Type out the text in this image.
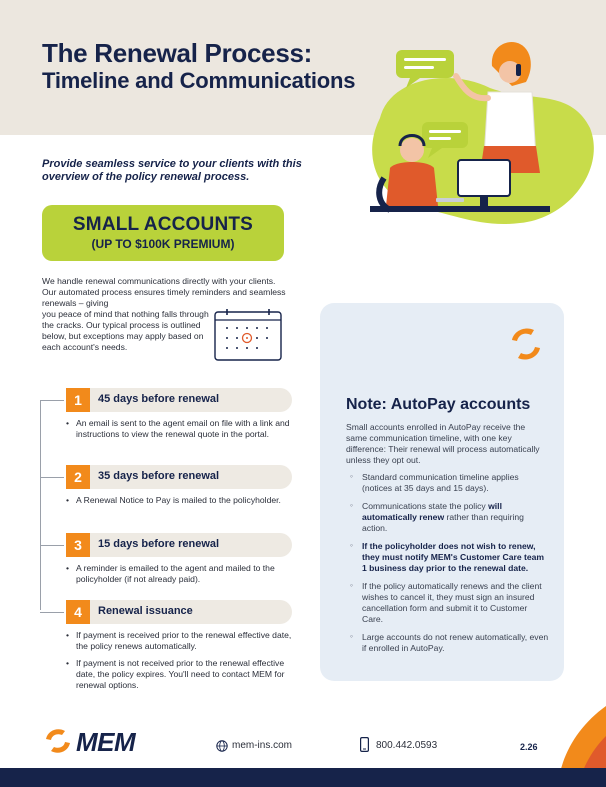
The Renewal Process:
Timeline and Communications

Provide seamless service to your clients with this overview of the policy renewal process.

SMALL ACCOUNTS
(UP TO $100K PREMIUM)
We handle renewal communications directly with your clients. Our automated process ensures timely reminders and seamless renewals – giving
you peace of mind that nothing falls through the cracks. Our typical process is outlined below, but exceptions may apply based on each account's needs.
1	45 days before renewal
• An email is sent to the agent email on file with a link and instructions to view the renewal quote in the portal.
2	35 days before renewal
• A Renewal Notice to Pay is mailed to the policyholder.
3	15 days before renewal
• A reminder is emailed to the agent and mailed to the policyholder (if not already paid).
4	Renewal issuance
• If payment is received prior to the renewal effective date, the policy renews automatically.
• If payment is not received prior to the renewal effective date, the policy expires. You'll need to contact MEM for renewal options.
Note: AutoPay accounts

Small accounts enrolled in AutoPay receive the same communication timeline, with one key difference: Their renewal will process automatically unless they opt out.

◦ Standard communication timeline applies (notices at 35 days and 15 days).
◦ Communications state the policy will automatically renew rather than requiring action.
◦ If the policyholder does not wish to renew, they must notify MEM's Customer Care team 1 business day prior to the renewal date.
◦ If the policy automatically renews and the client wishes to cancel it, they must sign an insured cancellation form and submit it to Customer Care.
◦ Large accounts do not renew automatically, even if enrolled in AutoPay.
MEM	mem-ins.com	800.442.0593	2.26
